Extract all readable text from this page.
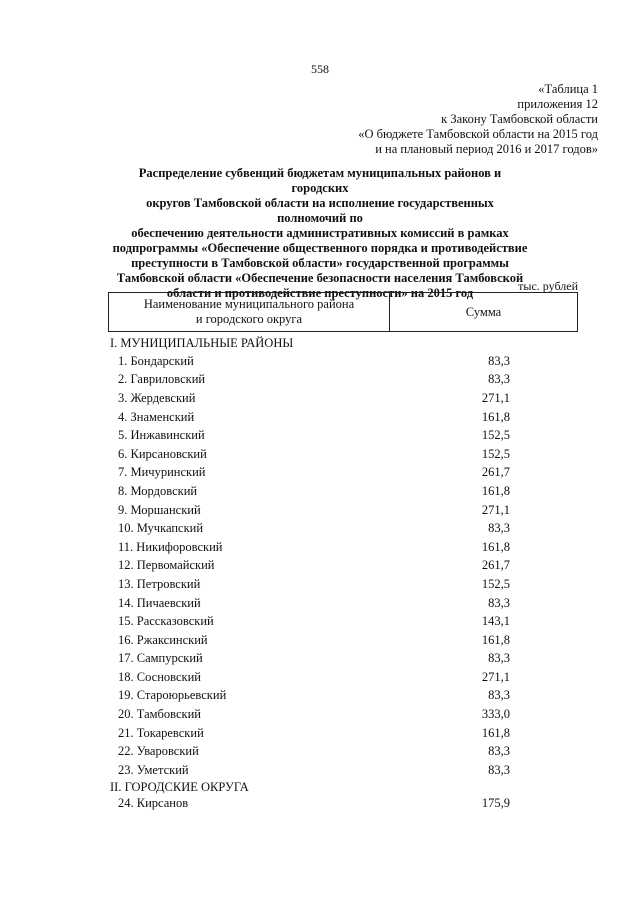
558
«Таблица 1
приложения 12
к Закону Тамбовской области
«О бюджете Тамбовской области на 2015 год
и на плановый период 2016 и 2017 годов»
Распределение субвенций бюджетам муниципальных районов и городских
округов Тамбовской области на исполнение государственных полномочий по
обеспечению деятельности административных комиссий в рамках
подпрограммы «Обеспечение общественного порядка и противодействие
преступности в Тамбовской области» государственной программы
Тамбовской области «Обеспечение безопасности населения Тамбовской
области и противодействие преступности» на 2015 год	тыс. рублей
Наименование муниципального района
и городского округа
Сумма
I. МУНИЦИПАЛЬНЫЕ РАЙОНЫ
1. Бондарский	83,3
2. Гавриловский	83,3
3. Жердевский	271,1
4. Знаменский	161,8
5. Инжавинский	152,5
6. Кирсановский	152,5
7. Мичуринский	261,7
8. Мордовский	161,8
9. Моршанский	271,1
10. Мучкапский	83,3
11. Никифоровский	161,8
12. Первомайский	261,7
13. Петровский	152,5
14. Пичаевский	83,3
15. Рассказовский	143,1
16. Ржаксинский	161,8
17. Сампурский	83,3
18. Сосновский	271,1
19. Староюрьевский	83,3
20. Тамбовский	333,0
21. Токаревский	161,8
22. Уваровский	83,3
23. Уметский	83,3
II. ГОРОДСКИЕ ОКРУГА
24. Кирсанов	175,9
